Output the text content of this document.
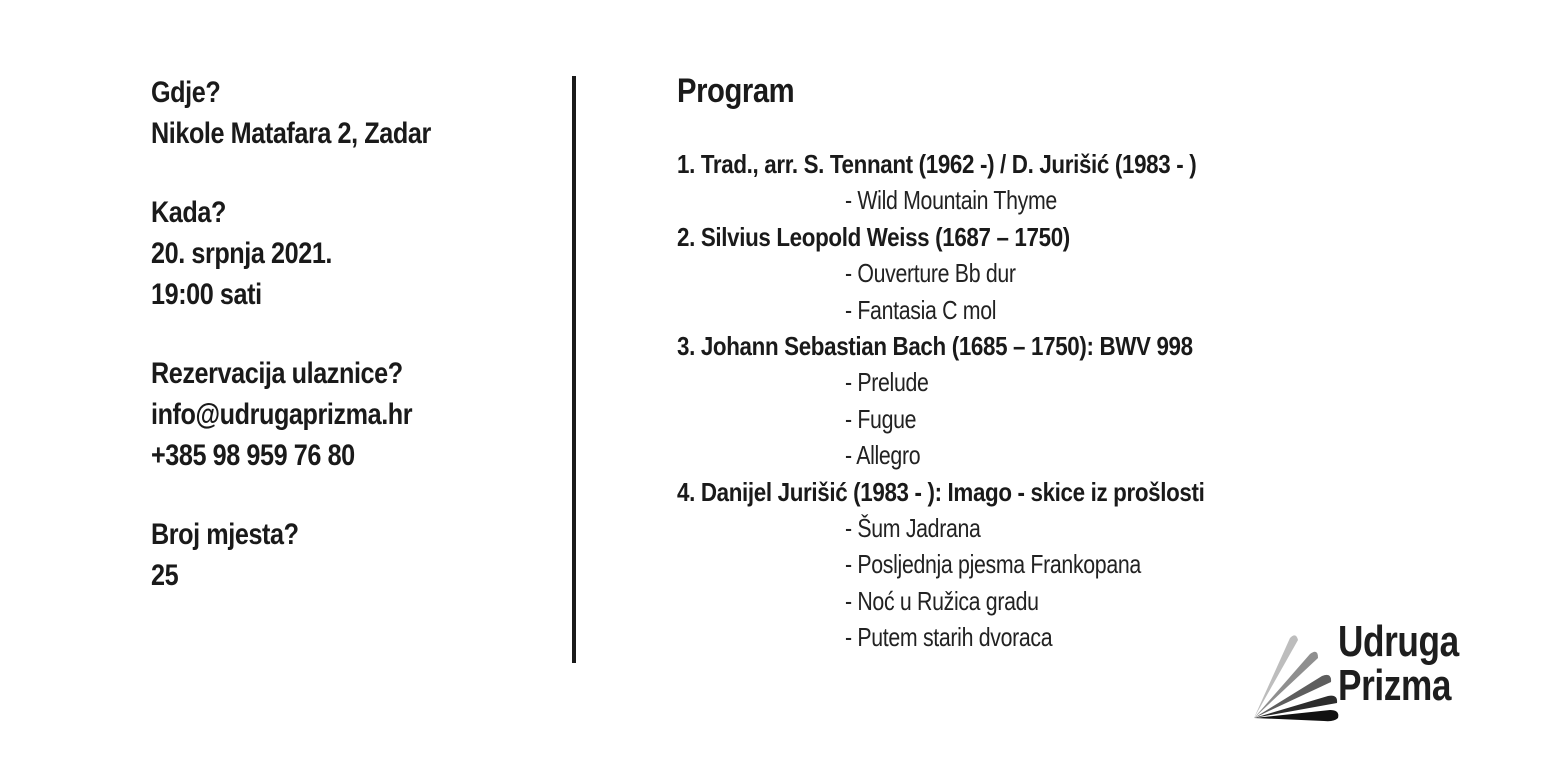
Gdje?
Nikole Matafara 2, Zadar
Kada?
20. srpnja 2021.
19:00 sati
Rezervacija ulaznice?
info@udrugaprizma.hr
+385 98 959 76 80
Broj mjesta?
25
Program
1. Trad., arr. S. Tennant (1962 -) / D. Jurišić (1983 - )
- Wild Mountain Thyme
2. Silvius Leopold Weiss (1687 – 1750)
- Ouverture Bb dur
- Fantasia C mol
3. Johann Sebastian Bach (1685 – 1750): BWV 998
- Prelude
- Fugue
- Allegro
4. Danijel Jurišić (1983 - ): Imago - skice iz prošlosti
- Šum Jadrana
- Posljednja pjesma Frankopana
- Noć u Ružica gradu
- Putem starih dvoraca	Udruga
Prizma
